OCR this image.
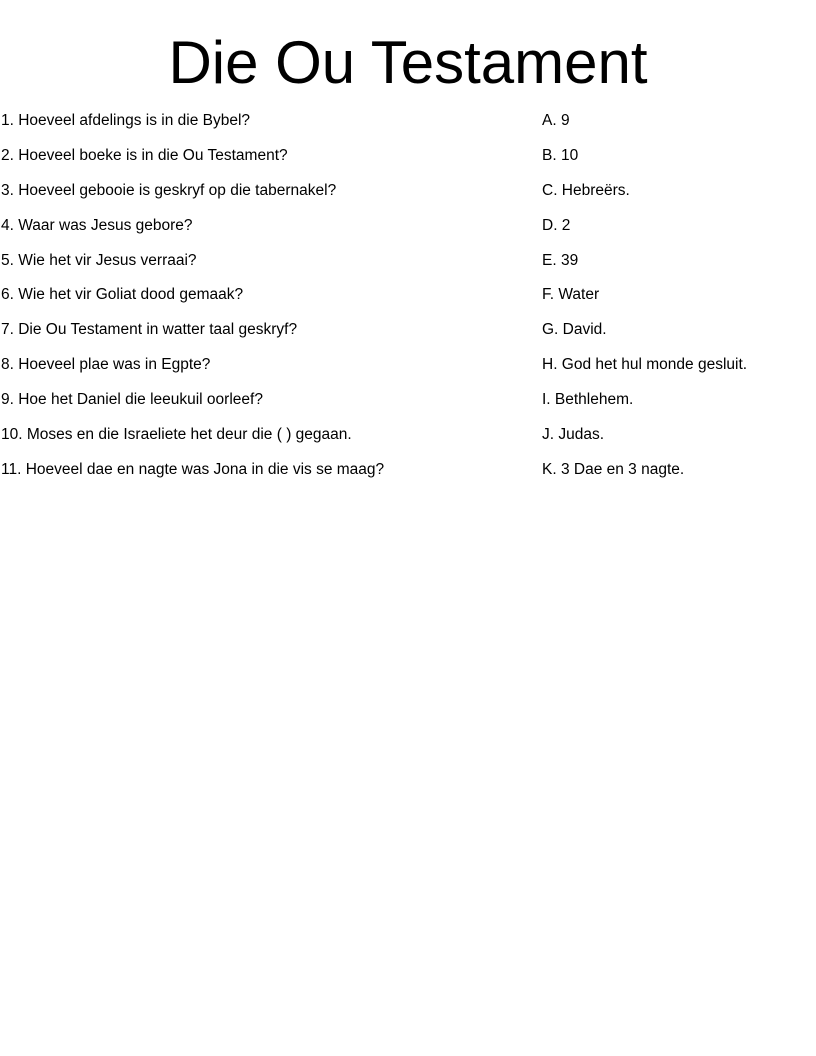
Die Ou Testament
1. Hoeveel afdelings is in die Bybel?	A. 9
2. Hoeveel boeke is in die Ou Testament?	B. 10
3. Hoeveel gebooie is geskryf op die tabernakel?	C. Hebreërs.
4. Waar was Jesus gebore?	D. 2
5. Wie het vir Jesus verraai?	E. 39
6. Wie het vir Goliat dood gemaak?	F. Water
7. Die Ou Testament in watter taal geskryf?	G. David.
8. Hoeveel plae was in Egpte?	H. God het hul monde gesluit.
9. Hoe het Daniel die leeukuil oorleef?	I. Bethlehem.
10. Moses en die Israeliete het deur die ( ) gegaan.	J. Judas.
11. Hoeveel dae en nagte was Jona in die vis se maag?	K. 3 Dae en 3 nagte.
